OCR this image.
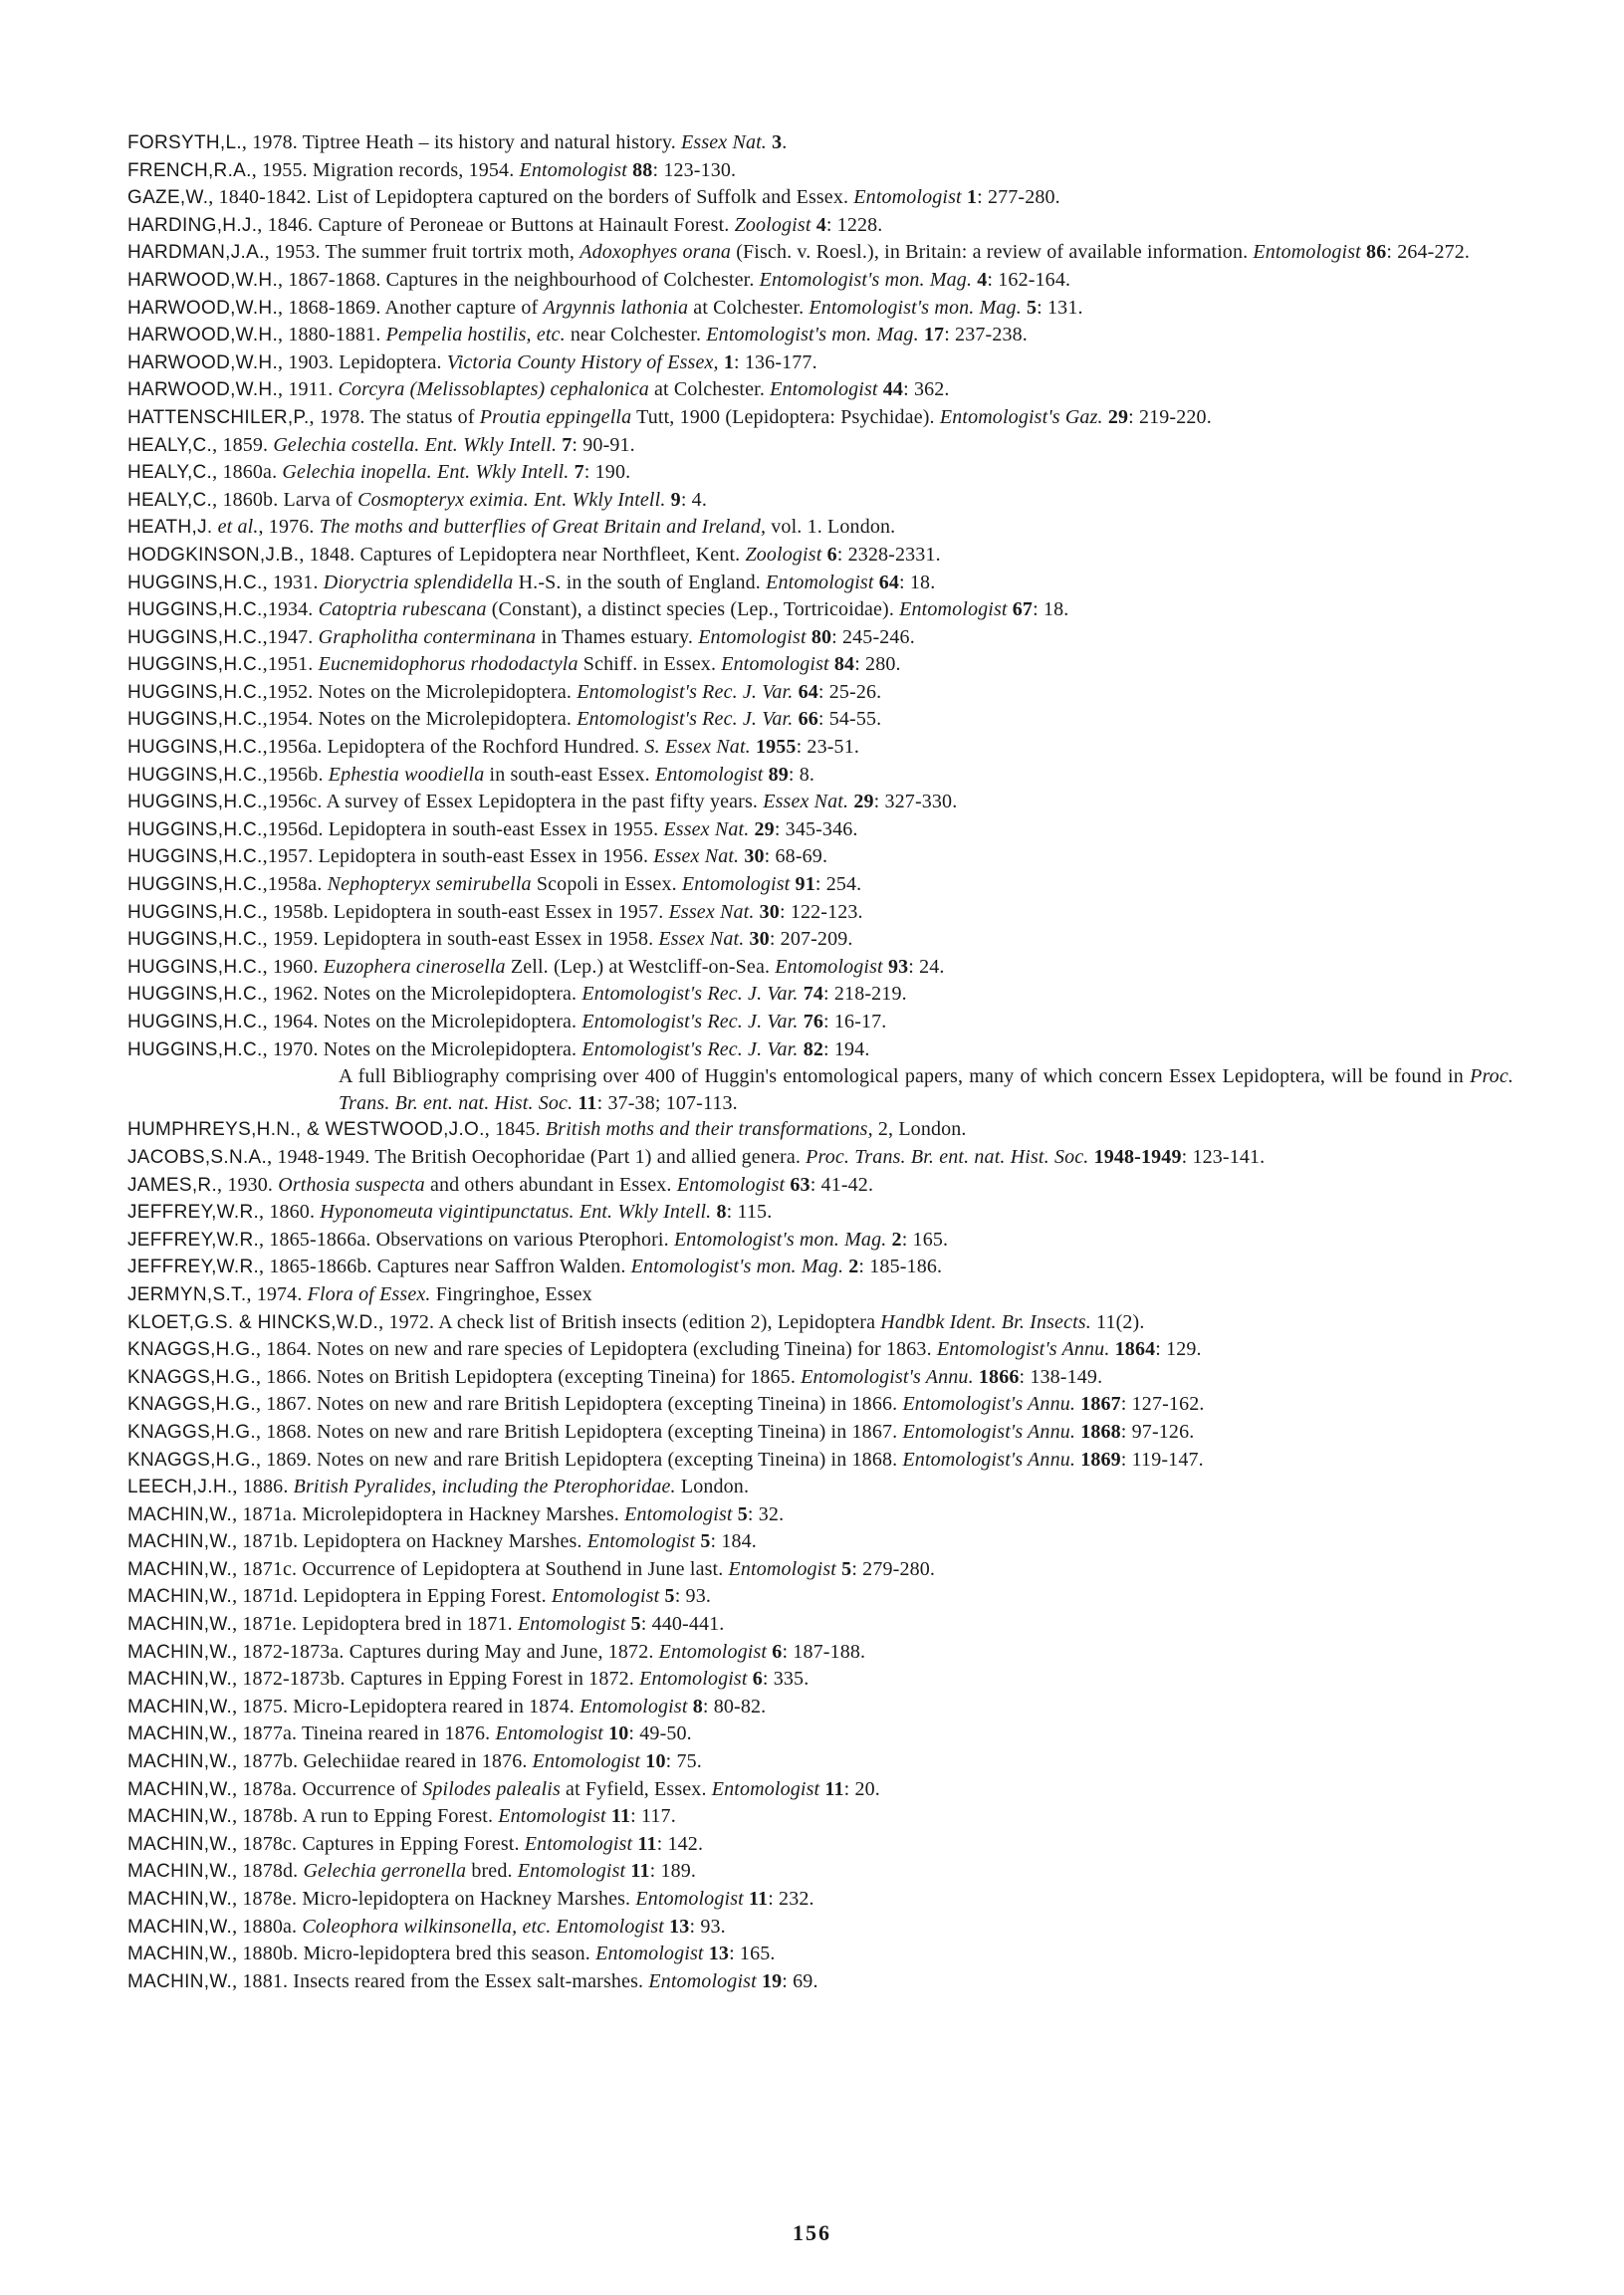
FORSYTH,L., 1978. Tiptree Heath – its history and natural history. Essex Nat. 3.

FRENCH,R.A., 1955. Migration records, 1954. Entomologist 88: 123-130.

GAZE,W., 1840-1842. List of Lepidoptera captured on the borders of Suffolk and Essex. Entomologist 1: 277-280.

HARDING,H.J., 1846. Capture of Peroneae or Buttons at Hainault Forest. Zoologist 4: 1228.

HARDMAN,J.A., 1953. The summer fruit tortrix moth, Adoxophyes orana (Fisch. v. Roesl.), in Britain: a review of available information. Entomologist 86: 264-272.

HARWOOD,W.H., 1867-1868. Captures in the neighbourhood of Colchester. Entomologist's mon. Mag. 4: 162-164.

HARWOOD,W.H., 1868-1869. Another capture of Argynnis lathonia at Colchester. Entomologist's mon. Mag. 5: 131.

HARWOOD,W.H., 1880-1881. Pempelia hostilis, etc. near Colchester. Entomologist's mon. Mag. 17: 237-238.

HARWOOD,W.H., 1903. Lepidoptera. Victoria County History of Essex, 1: 136-177.

HARWOOD,W.H., 1911. Corcyra (Melissoblaptes) cephalonica at Colchester. Entomologist 44: 362.

HATTENSCHILER,P., 1978. The status of Proutia eppingella Tutt, 1900 (Lepidoptera: Psychidae). Entomologist's Gaz. 29: 219-220.

HEALY,C., 1859. Gelechia costella. Ent. Wkly Intell. 7: 90-91.

HEALY,C., 1860a. Gelechia inopella. Ent. Wkly Intell. 7: 190.

HEALY,C., 1860b. Larva of Cosmopteryx eximia. Ent. Wkly Intell. 9: 4.

HEATH,J. et al., 1976. The moths and butterflies of Great Britain and Ireland, vol. 1. London.

HODGKINSON,J.B., 1848. Captures of Lepidoptera near Northfleet, Kent. Zoologist 6: 2328-2331.

HUGGINS,H.C., 1931. Dioryctria splendidella H.-S. in the south of England. Entomologist 64: 18.

HUGGINS,H.C.,1934. Catoptria rubescana (Constant), a distinct species (Lep., Tortricoidae). Entomologist 67: 18.

HUGGINS,H.C.,1947. Grapholitha conterminana in Thames estuary. Entomologist 80: 245-246.

HUGGINS,H.C.,1951. Eucnemidophorus rhododactyla Schiff. in Essex. Entomologist 84: 280.

HUGGINS,H.C.,1952. Notes on the Microlepidoptera. Entomologist's Rec. J. Var. 64: 25-26.

HUGGINS,H.C.,1954. Notes on the Microlepidoptera. Entomologist's Rec. J. Var. 66: 54-55.

HUGGINS,H.C.,1956a. Lepidoptera of the Rochford Hundred. S. Essex Nat. 1955: 23-51.

HUGGINS,H.C.,1956b. Ephestia woodiella in south-east Essex. Entomologist 89: 8.

HUGGINS,H.C.,1956c. A survey of Essex Lepidoptera in the past fifty years. Essex Nat. 29: 327-330.

HUGGINS,H.C.,1956d. Lepidoptera in south-east Essex in 1955. Essex Nat. 29: 345-346.

HUGGINS,H.C.,1957. Lepidoptera in south-east Essex in 1956. Essex Nat. 30: 68-69.

HUGGINS,H.C.,1958a. Nephopteryx semirubella Scopoli in Essex. Entomologist 91: 254.

HUGGINS,H.C., 1958b. Lepidoptera in south-east Essex in 1957. Essex Nat. 30: 122-123.

HUGGINS,H.C., 1959. Lepidoptera in south-east Essex in 1958. Essex Nat. 30: 207-209.

HUGGINS,H.C., 1960. Euzophera cinerosella Zell. (Lep.) at Westcliff-on-Sea. Entomologist 93: 24.

HUGGINS,H.C., 1962. Notes on the Microlepidoptera. Entomologist's Rec. J. Var. 74: 218-219.

HUGGINS,H.C., 1964. Notes on the Microlepidoptera. Entomologist's Rec. J. Var. 76: 16-17.

HUGGINS,H.C., 1970. Notes on the Microlepidoptera. Entomologist's Rec. J. Var. 82: 194.

A full Bibliography comprising over 400 of Huggin's entomological papers, many of which concern Essex Lepidoptera, will be found in Proc. Trans. Br. ent. nat. Hist. Soc. 11: 37-38; 107-113.

HUMPHREYS,H.N., & WESTWOOD,J.O., 1845. British moths and their transformations, 2, London.

JACOBS,S.N.A., 1948-1949. The British Oecophoridae (Part 1) and allied genera. Proc. Trans. Br. ent. nat. Hist. Soc. 1948-1949: 123-141.

JAMES,R., 1930. Orthosia suspecta and others abundant in Essex. Entomologist 63: 41-42.

JEFFREY,W.R., 1860. Hyponomeuta vigintipunctatus. Ent. Wkly Intell. 8: 115.

JEFFREY,W.R., 1865-1866a. Observations on various Pterophori. Entomologist's mon. Mag. 2: 165.

JEFFREY,W.R., 1865-1866b. Captures near Saffron Walden. Entomologist's mon. Mag. 2: 185-186.

JERMYN,S.T., 1974. Flora of Essex. Fingringhoe, Essex

KLOET,G.S. & HINCKS,W.D., 1972. A check list of British insects (edition 2), Lepidoptera Handbk Ident. Br. Insects. 11(2).

KNAGGS,H.G., 1864. Notes on new and rare species of Lepidoptera (excluding Tineina) for 1863. Entomologist's Annu. 1864: 129.

KNAGGS,H.G., 1866. Notes on British Lepidoptera (excepting Tineina) for 1865. Entomologist's Annu. 1866: 138-149.

KNAGGS,H.G., 1867. Notes on new and rare British Lepidoptera (excepting Tineina) in 1866. Entomologist's Annu. 1867: 127-162.

KNAGGS,H.G., 1868. Notes on new and rare British Lepidoptera (excepting Tineina) in 1867. Entomologist's Annu. 1868: 97-126.

KNAGGS,H.G., 1869. Notes on new and rare British Lepidoptera (excepting Tineina) in 1868. Entomologist's Annu. 1869: 119-147.

LEECH,J.H., 1886. British Pyralides, including the Pterophoridae. London.

MACHIN,W., 1871a. Microlepidoptera in Hackney Marshes. Entomologist 5: 32.

MACHIN,W., 1871b. Lepidoptera on Hackney Marshes. Entomologist 5: 184.

MACHIN,W., 1871c. Occurrence of Lepidoptera at Southend in June last. Entomologist 5: 279-280.

MACHIN,W., 1871d. Lepidoptera in Epping Forest. Entomologist 5: 93.

MACHIN,W., 1871e. Lepidoptera bred in 1871. Entomologist 5: 440-441.

MACHIN,W., 1872-1873a. Captures during May and June, 1872. Entomologist 6: 187-188.

MACHIN,W., 1872-1873b. Captures in Epping Forest in 1872. Entomologist 6: 335.

MACHIN,W., 1875. Micro-Lepidoptera reared in 1874. Entomologist 8: 80-82.

MACHIN,W., 1877a. Tineina reared in 1876. Entomologist 10: 49-50.

MACHIN,W., 1877b. Gelechiidae reared in 1876. Entomologist 10: 75.

MACHIN,W., 1878a. Occurrence of Spilodes palealis at Fyfield, Essex. Entomologist 11: 20.

MACHIN,W., 1878b. A run to Epping Forest. Entomologist 11: 117.

MACHIN,W., 1878c. Captures in Epping Forest. Entomologist 11: 142.

MACHIN,W., 1878d. Gelechia gerronella bred. Entomologist 11: 189.

MACHIN,W., 1878e. Micro-lepidoptera on Hackney Marshes. Entomologist 11: 232.

MACHIN,W., 1880a. Coleophora wilkinsonella, etc. Entomologist 13: 93.

MACHIN,W., 1880b. Micro-lepidoptera bred this season. Entomologist 13: 165.

MACHIN,W., 1881. Insects reared from the Essex salt-marshes. Entomologist 19: 69.

156
